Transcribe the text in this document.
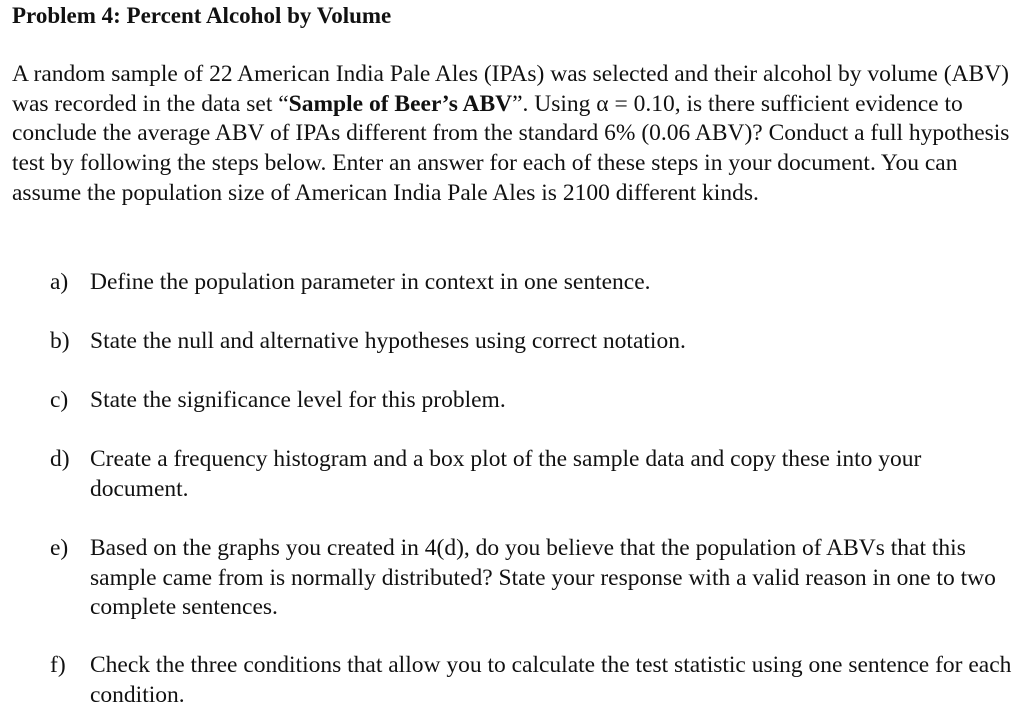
Problem 4: Percent Alcohol by Volume

A random sample of 22 American India Pale Ales (IPAs) was selected and their alcohol by volume (ABV) was recorded in the data set “Sample of Beer’s ABV”. Using α = 0.10, is there sufficient evidence to conclude the average ABV of IPAs different from the standard 6% (0.06 ABV)? Conduct a full hypothesis test by following the steps below. Enter an answer for each of these steps in your document. You can assume the population size of American India Pale Ales is 2100 different kinds.

a) Define the population parameter in context in one sentence.
b) State the null and alternative hypotheses using correct notation.
c) State the significance level for this problem.
d) Create a frequency histogram and a box plot of the sample data and copy these into your document.
e) Based on the graphs you created in 4(d), do you believe that the population of ABVs that this sample came from is normally distributed? State your response with a valid reason in one to two complete sentences.
f)	Check the three conditions that allow you to calculate the test statistic using one sentence for each condition.
